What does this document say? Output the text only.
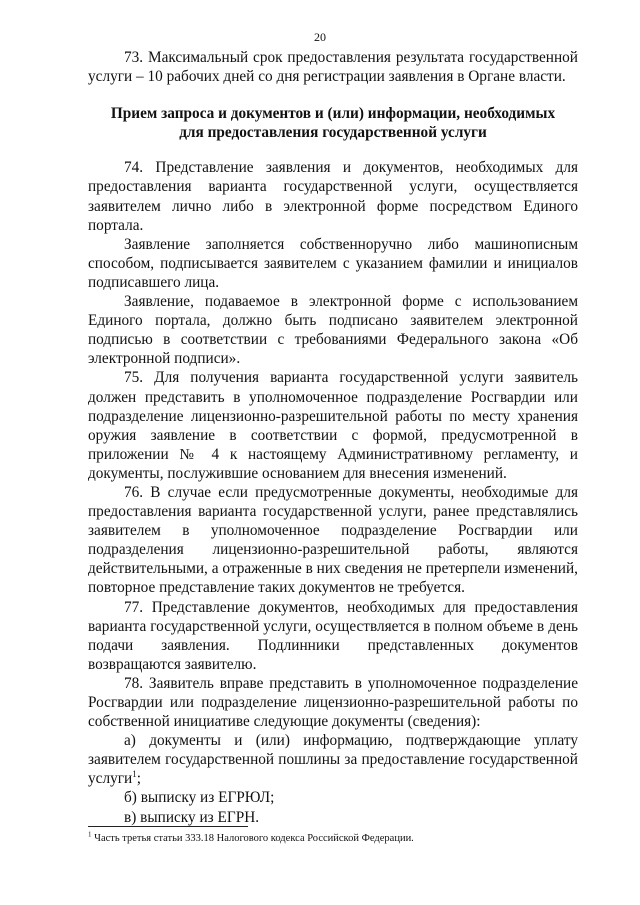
20

73. Максимальный срок предоставления результата государственной услуги – 10 рабочих дней со дня регистрации заявления в Органе власти.

Прием запроса и документов и (или) информации, необходимых
для предоставления государственной услуги

74. Представление заявления и документов, необходимых для предоставления варианта государственной услуги, осуществляется заявителем лично либо в электронной форме посредством Единого портала.

Заявление заполняется собственноручно либо машинописным способом, подписывается заявителем с указанием фамилии и инициалов подписавшего лица.

Заявление, подаваемое в электронной форме с использованием Единого портала, должно быть подписано заявителем электронной подписью в соответствии с требованиями Федерального закона «Об электронной подписи».

75. Для получения варианта государственной услуги заявитель должен представить в уполномоченное подразделение Росгвардии или подразделение лицензионно-разрешительной работы по месту хранения оружия заявление в соответствии с формой, предусмотренной в приложении № 4 к настоящему Административному регламенту, и документы, послужившие основанием для внесения изменений.

76. В случае если предусмотренные документы, необходимые для предоставления варианта государственной услуги, ранее представлялись заявителем в уполномоченное подразделение Росгвардии или подразделения лицензионно-разрешительной работы, являются действительными, а отраженные в них сведения не претерпели изменений, повторное представление таких документов не требуется.

77. Представление документов, необходимых для предоставления варианта государственной услуги, осуществляется в полном объеме в день подачи заявления. Подлинники представленных документов возвращаются заявителю.

78. Заявитель вправе представить в уполномоченное подразделение Росгвардии или подразделение лицензионно-разрешительной работы по собственной инициативе следующие документы (сведения):

а) документы и (или) информацию, подтверждающие уплату заявителем государственной пошлины за предоставление государственной услуги$^1$;

б) выписку из ЕГРЮЛ;

в) выписку из ЕГРН.

$^1$ Часть третья статьи 333.18 Налогового кодекса Российской Федерации.
